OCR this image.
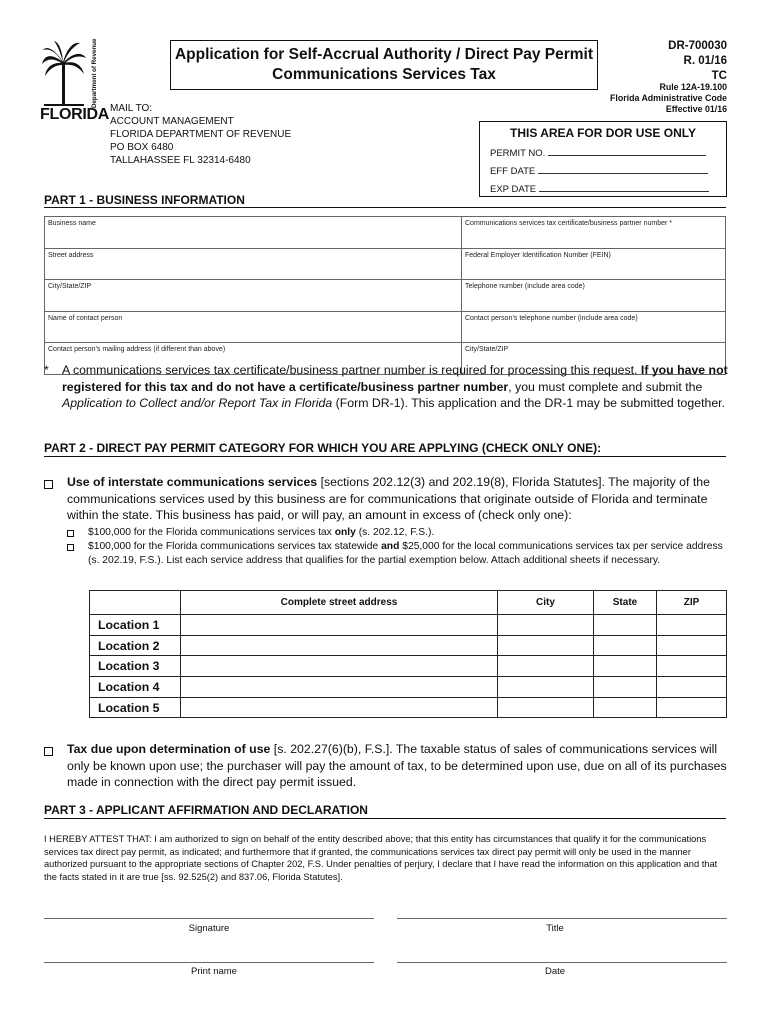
Department of Revenue
FLORIDA
Application for Self-Accrual Authority / Direct Pay Permit
Communications Services Tax
DR-700030
R. 01/16
TC
Rule 12A-19.100
Florida Administrative Code
Effective 01/16
MAIL TO:
ACCOUNT MANAGEMENT
FLORIDA DEPARTMENT OF REVENUE
PO BOX 6480
TALLAHASSEE FL 32314-6480
THIS AREA FOR DOR USE ONLY
PERMIT NO.
EFF DATE
EXP DATE
PART 1 - BUSINESS INFORMATION
Business name	Communications services tax certificate/business partner number *
Street address	Federal Employer Identification Number (FEIN)
City/State/ZIP	Telephone number (include area code)
Name of contact person	Contact person’s telephone number (include area code)
Contact person’s mailing address (if different than above)	City/State/ZIP
* A communications services tax certificate/business partner number is required for processing this request. If you have not registered for this tax and do not have a certificate/business partner number, you must complete and submit the Application to Collect and/or Report Tax in Florida (Form DR-1). This application and the DR-1 may be submitted together.
PART 2 - DIRECT PAY PERMIT CATEGORY FOR WHICH YOU ARE APPLYING (CHECK ONLY ONE):
Use of interstate communications services [sections 202.12(3) and 202.19(8), Florida Statutes]. The majority of the communications services used by this business are for communications that originate outside of Florida and terminate within the state. This business has paid, or will pay, an amount in excess of (check only one):
$100,000 for the Florida communications services tax only (s. 202.12, F.S.).
$100,000 for the Florida communications services tax statewide and $25,000 for the local communications services tax per service address (s. 202.19, F.S.). List each service address that qualifies for the partial exemption below. Attach additional sheets if necessary.
	Complete street address	City	State	ZIP
Location 1				
Location 2				
Location 3				
Location 4				
Location 5				
Tax due upon determination of use [s. 202.27(6)(b), F.S.]. The taxable status of sales of communications services will only be known upon use; the purchaser will pay the amount of tax, to be determined upon use, due on all of its purchases made in connection with the direct pay permit issued.
PART 3 - APPLICANT AFFIRMATION AND DECLARATION
I HEREBY ATTEST THAT: I am authorized to sign on behalf of the entity described above; that this entity has circumstances that qualify it for the communications services tax direct pay permit, as indicated; and furthermore that if granted, the communications services tax direct pay permit will only be used in the manner authorized pursuant to the appropriate sections of Chapter 202, F.S. Under penalties of perjury, I declare that I have read the information on this application and that the facts stated in it are true [ss. 92.525(2) and 837.06, Florida Statutes].
Signature	Title
Print name	Date
